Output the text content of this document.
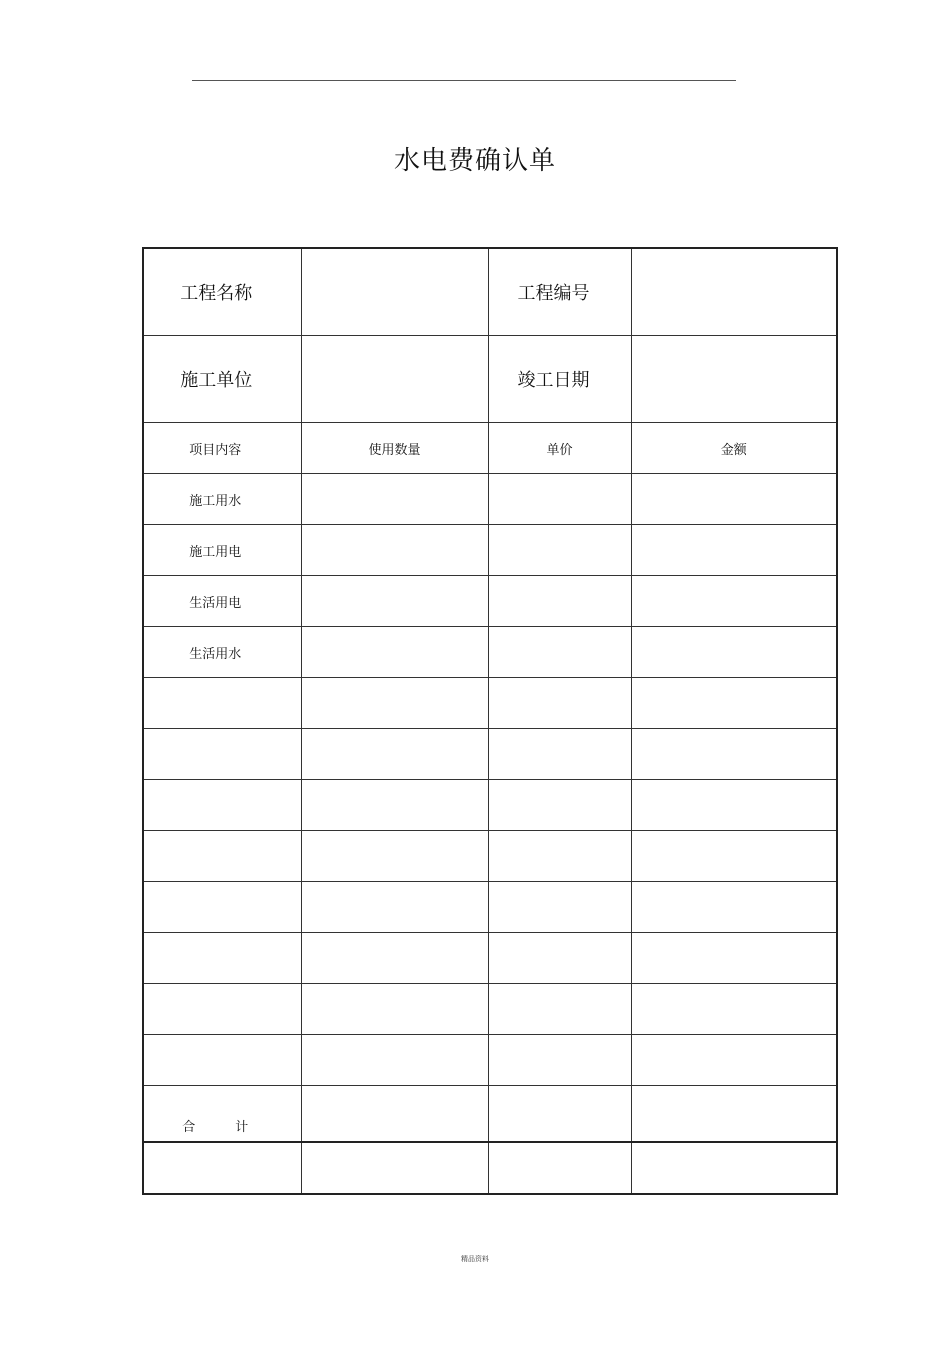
水电费确认单
工程名称		工程编号	
施工单位		竣工日期	
项目内容	使用数量	单价	金额
施工用水			
施工用电			
生活用电			
生活用水			

合 计			

精品资料
